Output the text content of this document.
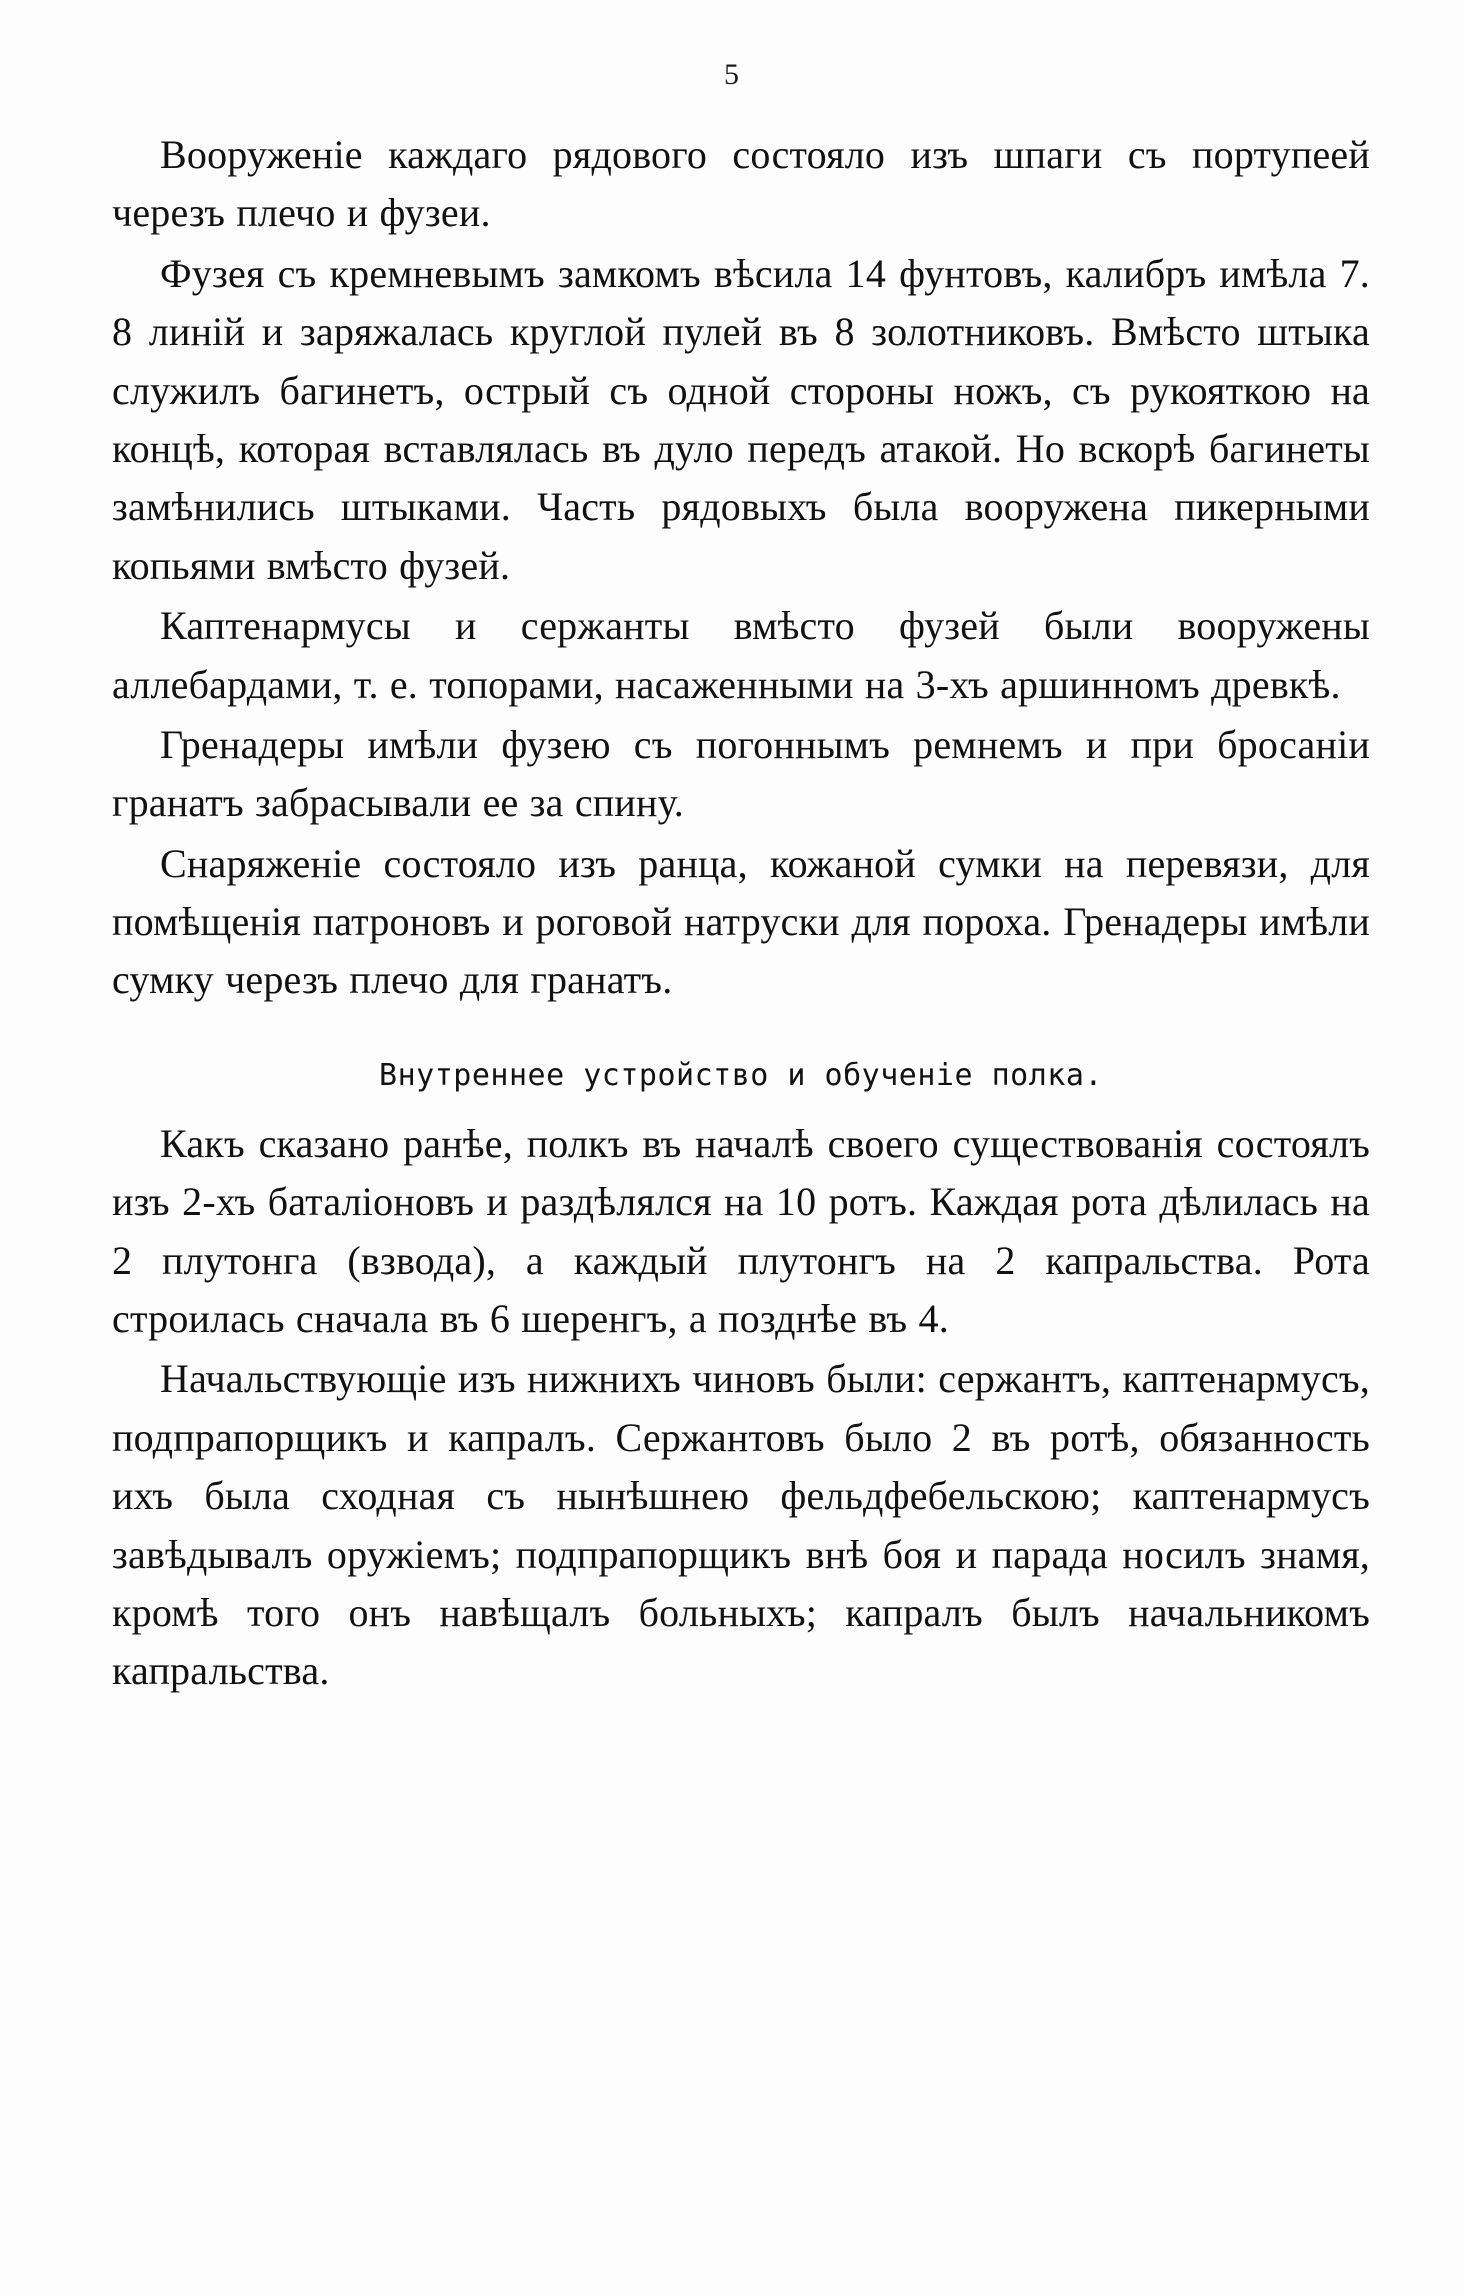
5

Вооруженiе каждаго рядового состояло изъ шпаги съ портупеей черезъ плечо и фузеи.

Фузея съ кремневымъ замкомъ вѣсила 14 фунтовъ, калибръ имѣла 7. 8 линiй и заряжалась круглой пулей въ 8 золотниковъ. Вмѣсто штыка служилъ багинетъ, острый съ одной стороны ножъ, съ рукояткою на концѣ, которая вставлялась въ дуло передъ атакой. Но вскорѣ багинеты замѣнились штыками. Часть рядовыхъ была вооружена пикерными копьями вмѣсто фузей.

Каптенармусы и сержанты вмѣсто фузей были вооружены аллебардами, т. е. топорами, насаженными на 3-хъ аршинномъ древкѣ.

Гренадеры имѣли фузею съ погоннымъ ремнемъ и при бросанiи гранатъ забрасывали ее за спину.

Снаряженiе состояло изъ ранца, кожаной сумки на перевязи, для помѣщенiя патроновъ и роговой натруски для пороха. Гренадеры имѣли сумку черезъ плечо для гранатъ.

Внутреннее устройство и обученiе полка.

Какъ сказано ранѣе, полкъ въ началѣ своего существованiя состоялъ изъ 2-хъ баталiоновъ и раздѣлялся на 10 ротъ. Каждая рота дѣлилась на 2 плутонга (взвода), а каждый плутонгъ на 2 капральства. Рота строилась сначала въ 6 шеренгъ, а позднѣе въ 4.

Начальствующiе изъ нижнихъ чиновъ были: сержантъ, каптенармусъ, подпрапорщикъ и капралъ. Сержантовъ было 2 въ ротѣ, обязанность ихъ была сходная съ нынѣшнею фельдфебельскою; каптенармусъ завѣдывалъ оружiемъ; подпрапорщикъ внѣ боя и парада носилъ знамя, кромѣ того онъ навѣщалъ больныхъ; капралъ былъ начальникомъ капральства.
